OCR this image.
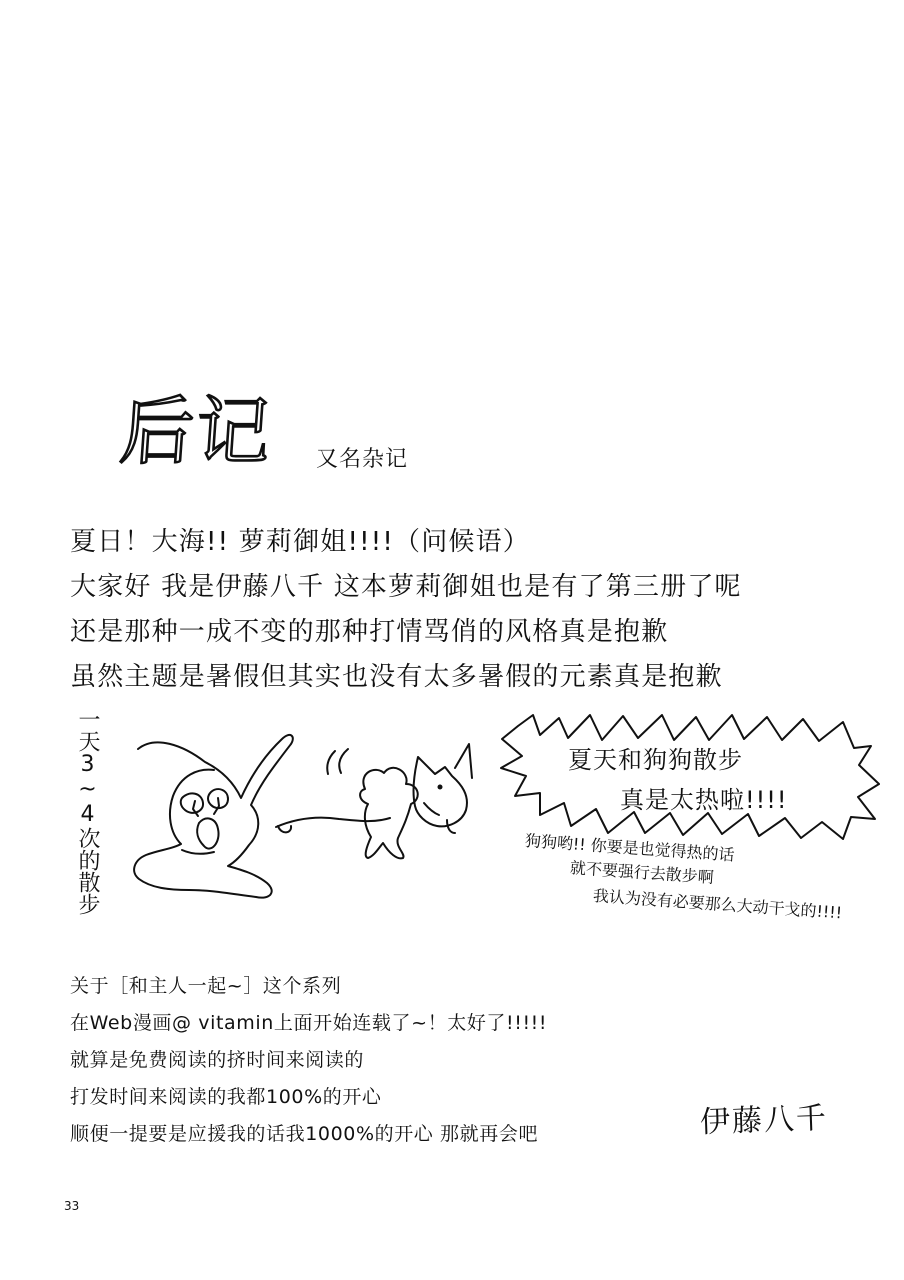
后记 又名杂记
夏日！大海!! 萝莉御姐!!!!（问候语）
大家好 我是伊藤八千 这本萝莉御姐也是有了第三册了呢
还是那种一成不变的那种打情骂俏的风格真是抱歉
虽然主题是暑假但其实也没有太多暑假的元素真是抱歉
一天3~4次的散步	夏天和狗狗散步
真是太热啦!!!!
狗狗哟!! 你要是也觉得热的话
就不要强行去散步啊
我认为没有必要那么大动干戈的!!!!
关于［和主人一起~］这个系列
在Web漫画@ vitamin上面开始连载了~！太好了!!!!!
就算是免费阅读的挤时间来阅读的
打发时间来阅读的我都100%的开心
顺便一提要是应援我的话我1000%的开心 那就再会吧	伊藤八千
33
